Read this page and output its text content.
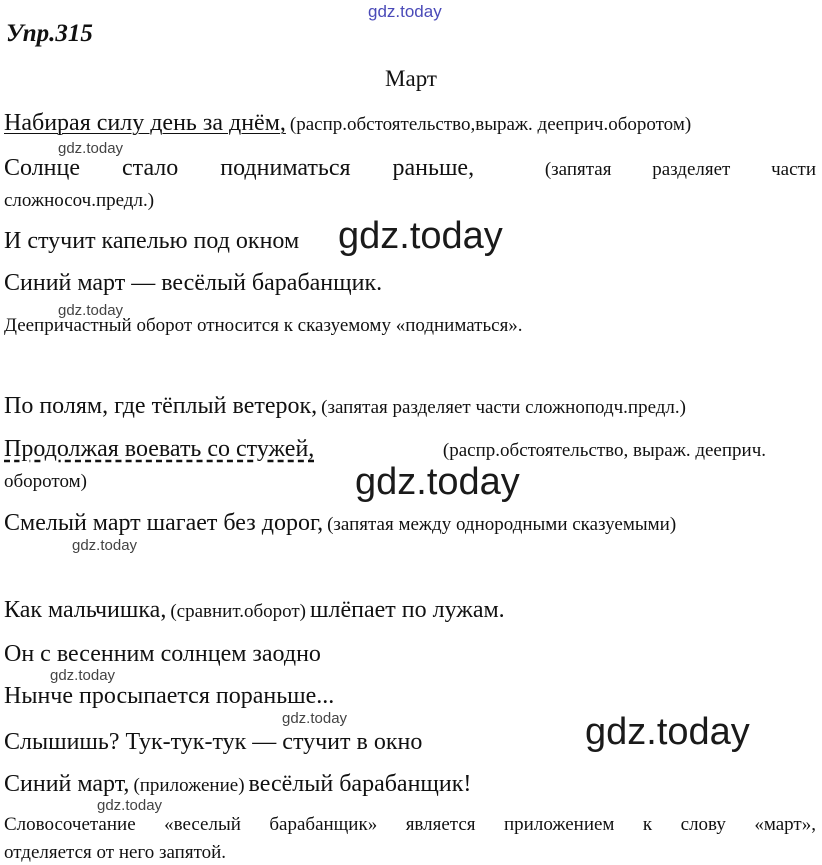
gdz.today
gdz.today
gdz.today
gdz.today
gdz.today
gdz.today
gdz.today
gdz.today	gdz.today
gdz.today
Упр.315
Март
Набирая силу день за днём, (распр.обстоятельство,выраж. дееприч.оборотом)
Солнце стало подниматься раньше,	(запятая разделяет части
сложносоч.предл.)
И стучит капелью под окном
Синий март — весёлый барабанщик.
Деепричастный оборот относится к сказуемому «подниматься».
По полям, где тёплый ветерок, (запятая разделяет части сложноподч.предл.)
Продолжая воевать со стужей,	(распр.обстоятельство, выраж. дееприч.
оборотом)
Смелый март шагает без дорог, (запятая между однородными сказуемыми)
Как мальчишка, (сравнит.оборот) шлёпает по лужам.
Он с весенним солнцем заодно
Нынче просыпается пораньше...
Слышишь? Тук-тук-тук — стучит в окно
Синий март, (приложение) весёлый барабанщик!
Словосочетание «веселый барабанщик» является приложением к слову «март»,
отделяется от него запятой.
